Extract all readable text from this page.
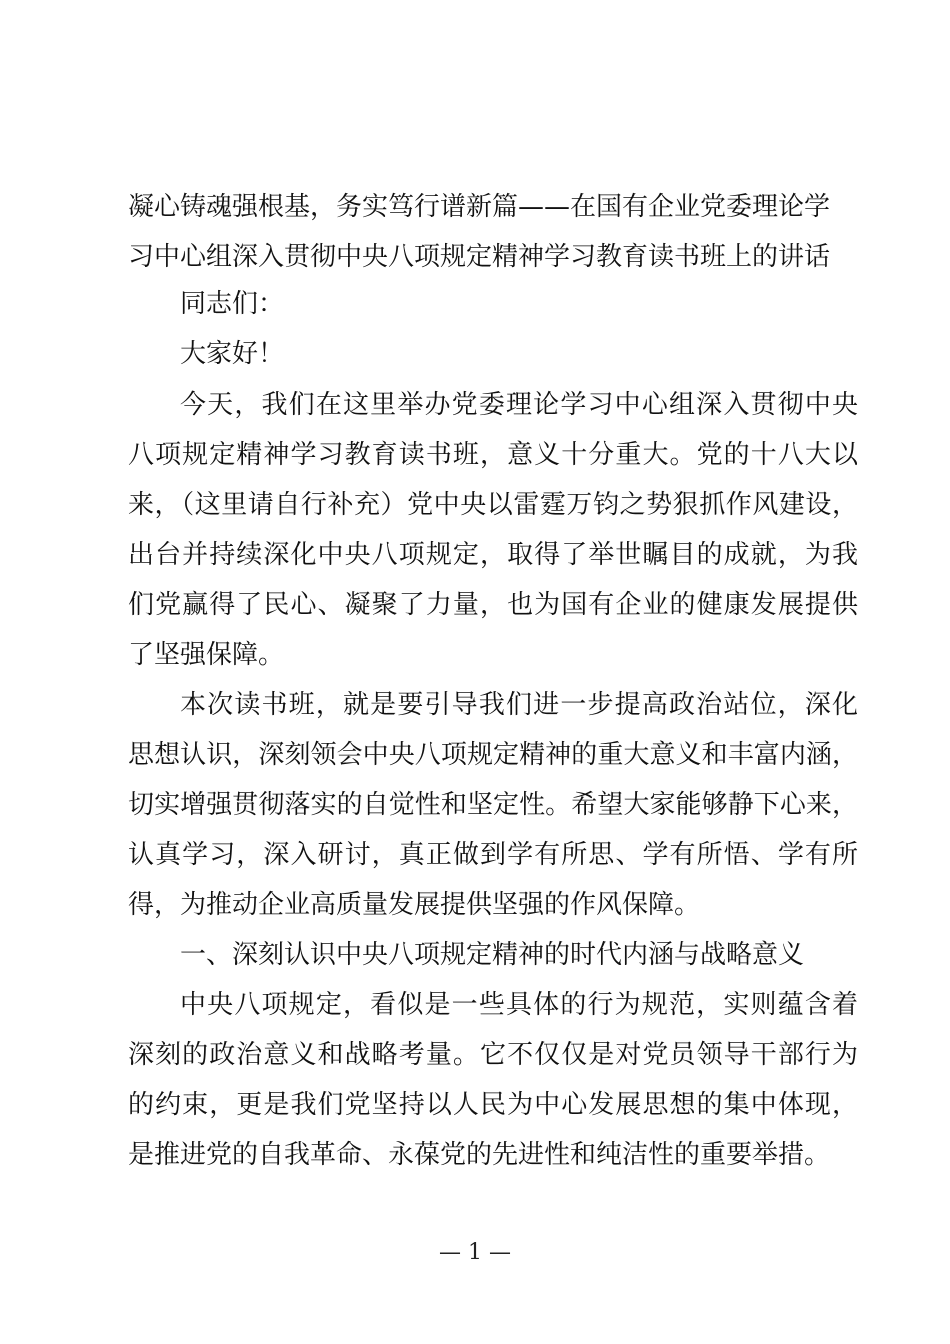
凝心铸魂强根基，务实笃行谱新篇——在国有企业党委理论学
习中心组深入贯彻中央八项规定精神学习教育读书班上的讲话
同志们：
大家好！
今天，我们在这里举办党委理论学习中心组深入贯彻中央
八项规定精神学习教育读书班，意义十分重大。党的十八大以
来，（这里请自行补充）党中央以雷霆万钧之势狠抓作风建设，
出台并持续深化中央八项规定，取得了举世瞩目的成就，为我
们党赢得了民心、凝聚了力量，也为国有企业的健康发展提供
了坚强保障。
本次读书班，就是要引导我们进一步提高政治站位，深化
思想认识，深刻领会中央八项规定精神的重大意义和丰富内涵，
切实增强贯彻落实的自觉性和坚定性。希望大家能够静下心来，
认真学习，深入研讨，真正做到学有所思、学有所悟、学有所
得，为推动企业高质量发展提供坚强的作风保障。
一、深刻认识中央八项规定精神的时代内涵与战略意义
中央八项规定，看似是一些具体的行为规范，实则蕴含着
深刻的政治意义和战略考量。它不仅仅是对党员领导干部行为
的约束，更是我们党坚持以人民为中心发展思想的集中体现，
是推进党的自我革命、永葆党的先进性和纯洁性的重要举措。
— 1 —
